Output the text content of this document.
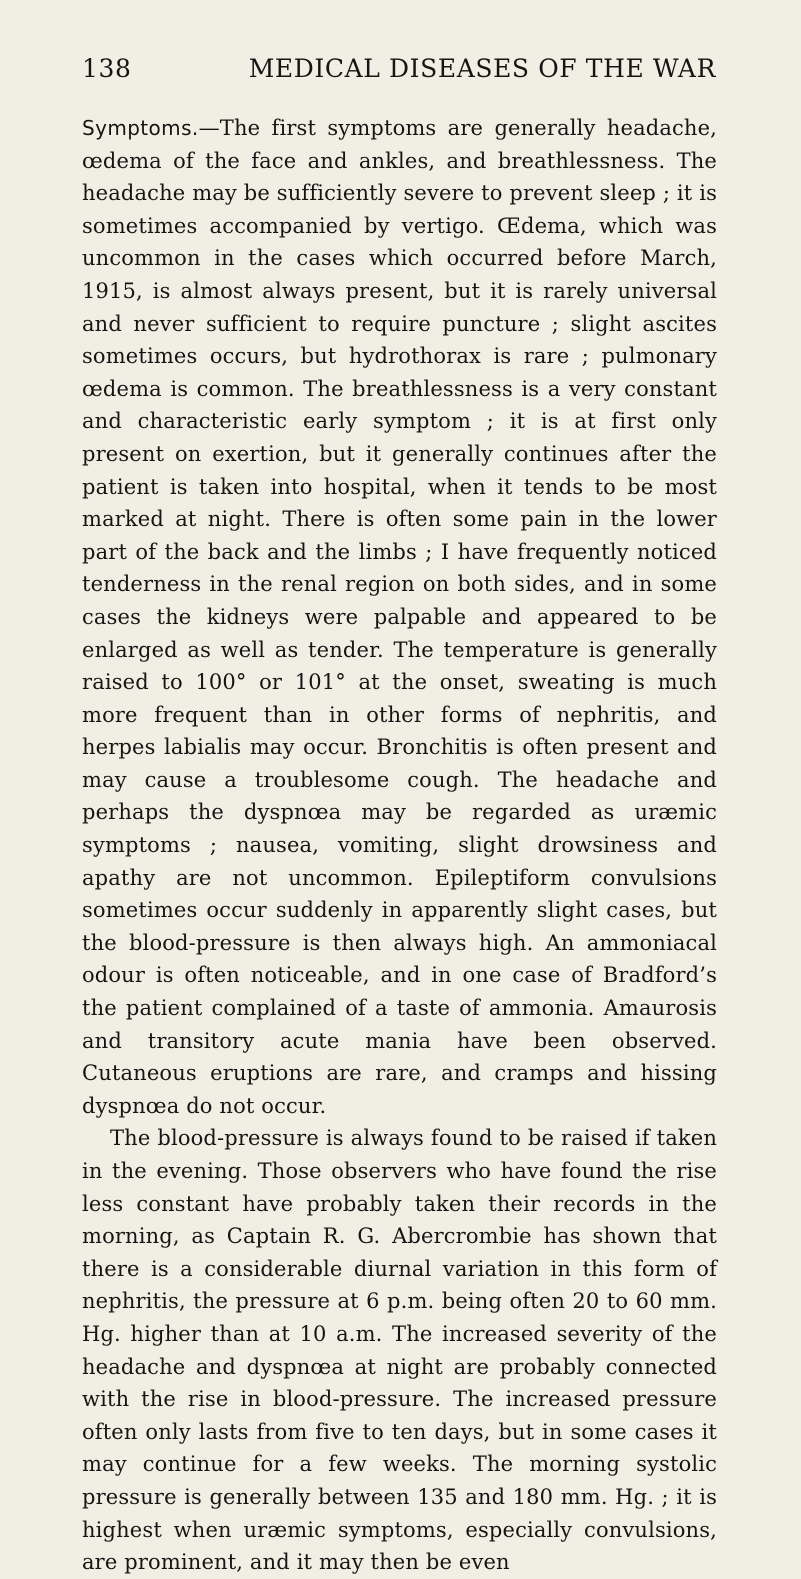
138	MEDICAL DISEASES OF THE WAR

Symptoms.—The first symptoms are generally headache, œdema of the face and ankles, and breathlessness. The headache may be sufficiently severe to prevent sleep ; it is sometimes accompanied by vertigo. Œdema, which was uncommon in the cases which occurred before March, 1915, is almost always present, but it is rarely universal and never sufficient to require puncture ; slight ascites sometimes occurs, but hydrothorax is rare ; pulmonary œdema is common. The breathlessness is a very constant and characteristic early symptom ; it is at first only present on exertion, but it generally continues after the patient is taken into hospital, when it tends to be most marked at night. There is often some pain in the lower part of the back and the limbs ; I have frequently noticed tenderness in the renal region on both sides, and in some cases the kidneys were palpable and appeared to be enlarged as well as tender. The temperature is generally raised to 100° or 101° at the onset, sweating is much more frequent than in other forms of nephritis, and herpes labialis may occur. Bronchitis is often present and may cause a troublesome cough. The headache and perhaps the dyspnœa may be regarded as uræmic symptoms ; nausea, vomiting, slight drowsiness and apathy are not uncommon. Epileptiform convulsions sometimes occur suddenly in apparently slight cases, but the blood-pressure is then always high. An ammoniacal odour is often noticeable, and in one case of Bradford’s the patient complained of a taste of ammonia. Amaurosis and transitory acute mania have been observed. Cutaneous eruptions are rare, and cramps and hissing dyspnœa do not occur.

The blood-pressure is always found to be raised if taken in the evening. Those observers who have found the rise less constant have probably taken their records in the morning, as Captain R. G. Abercrombie has shown that there is a considerable diurnal variation in this form of nephritis, the pressure at 6 p.m. being often 20 to 60 mm. Hg. higher than at 10 a.m. The increased severity of the headache and dyspnœa at night are probably connected with the rise in blood-pressure. The increased pressure often only lasts from five to ten days, but in some cases it may continue for a few weeks. The morning systolic pressure is generally between 135 and 180 mm. Hg. ; it is highest when uræmic symptoms, especially convulsions, are prominent, and it may then be even
